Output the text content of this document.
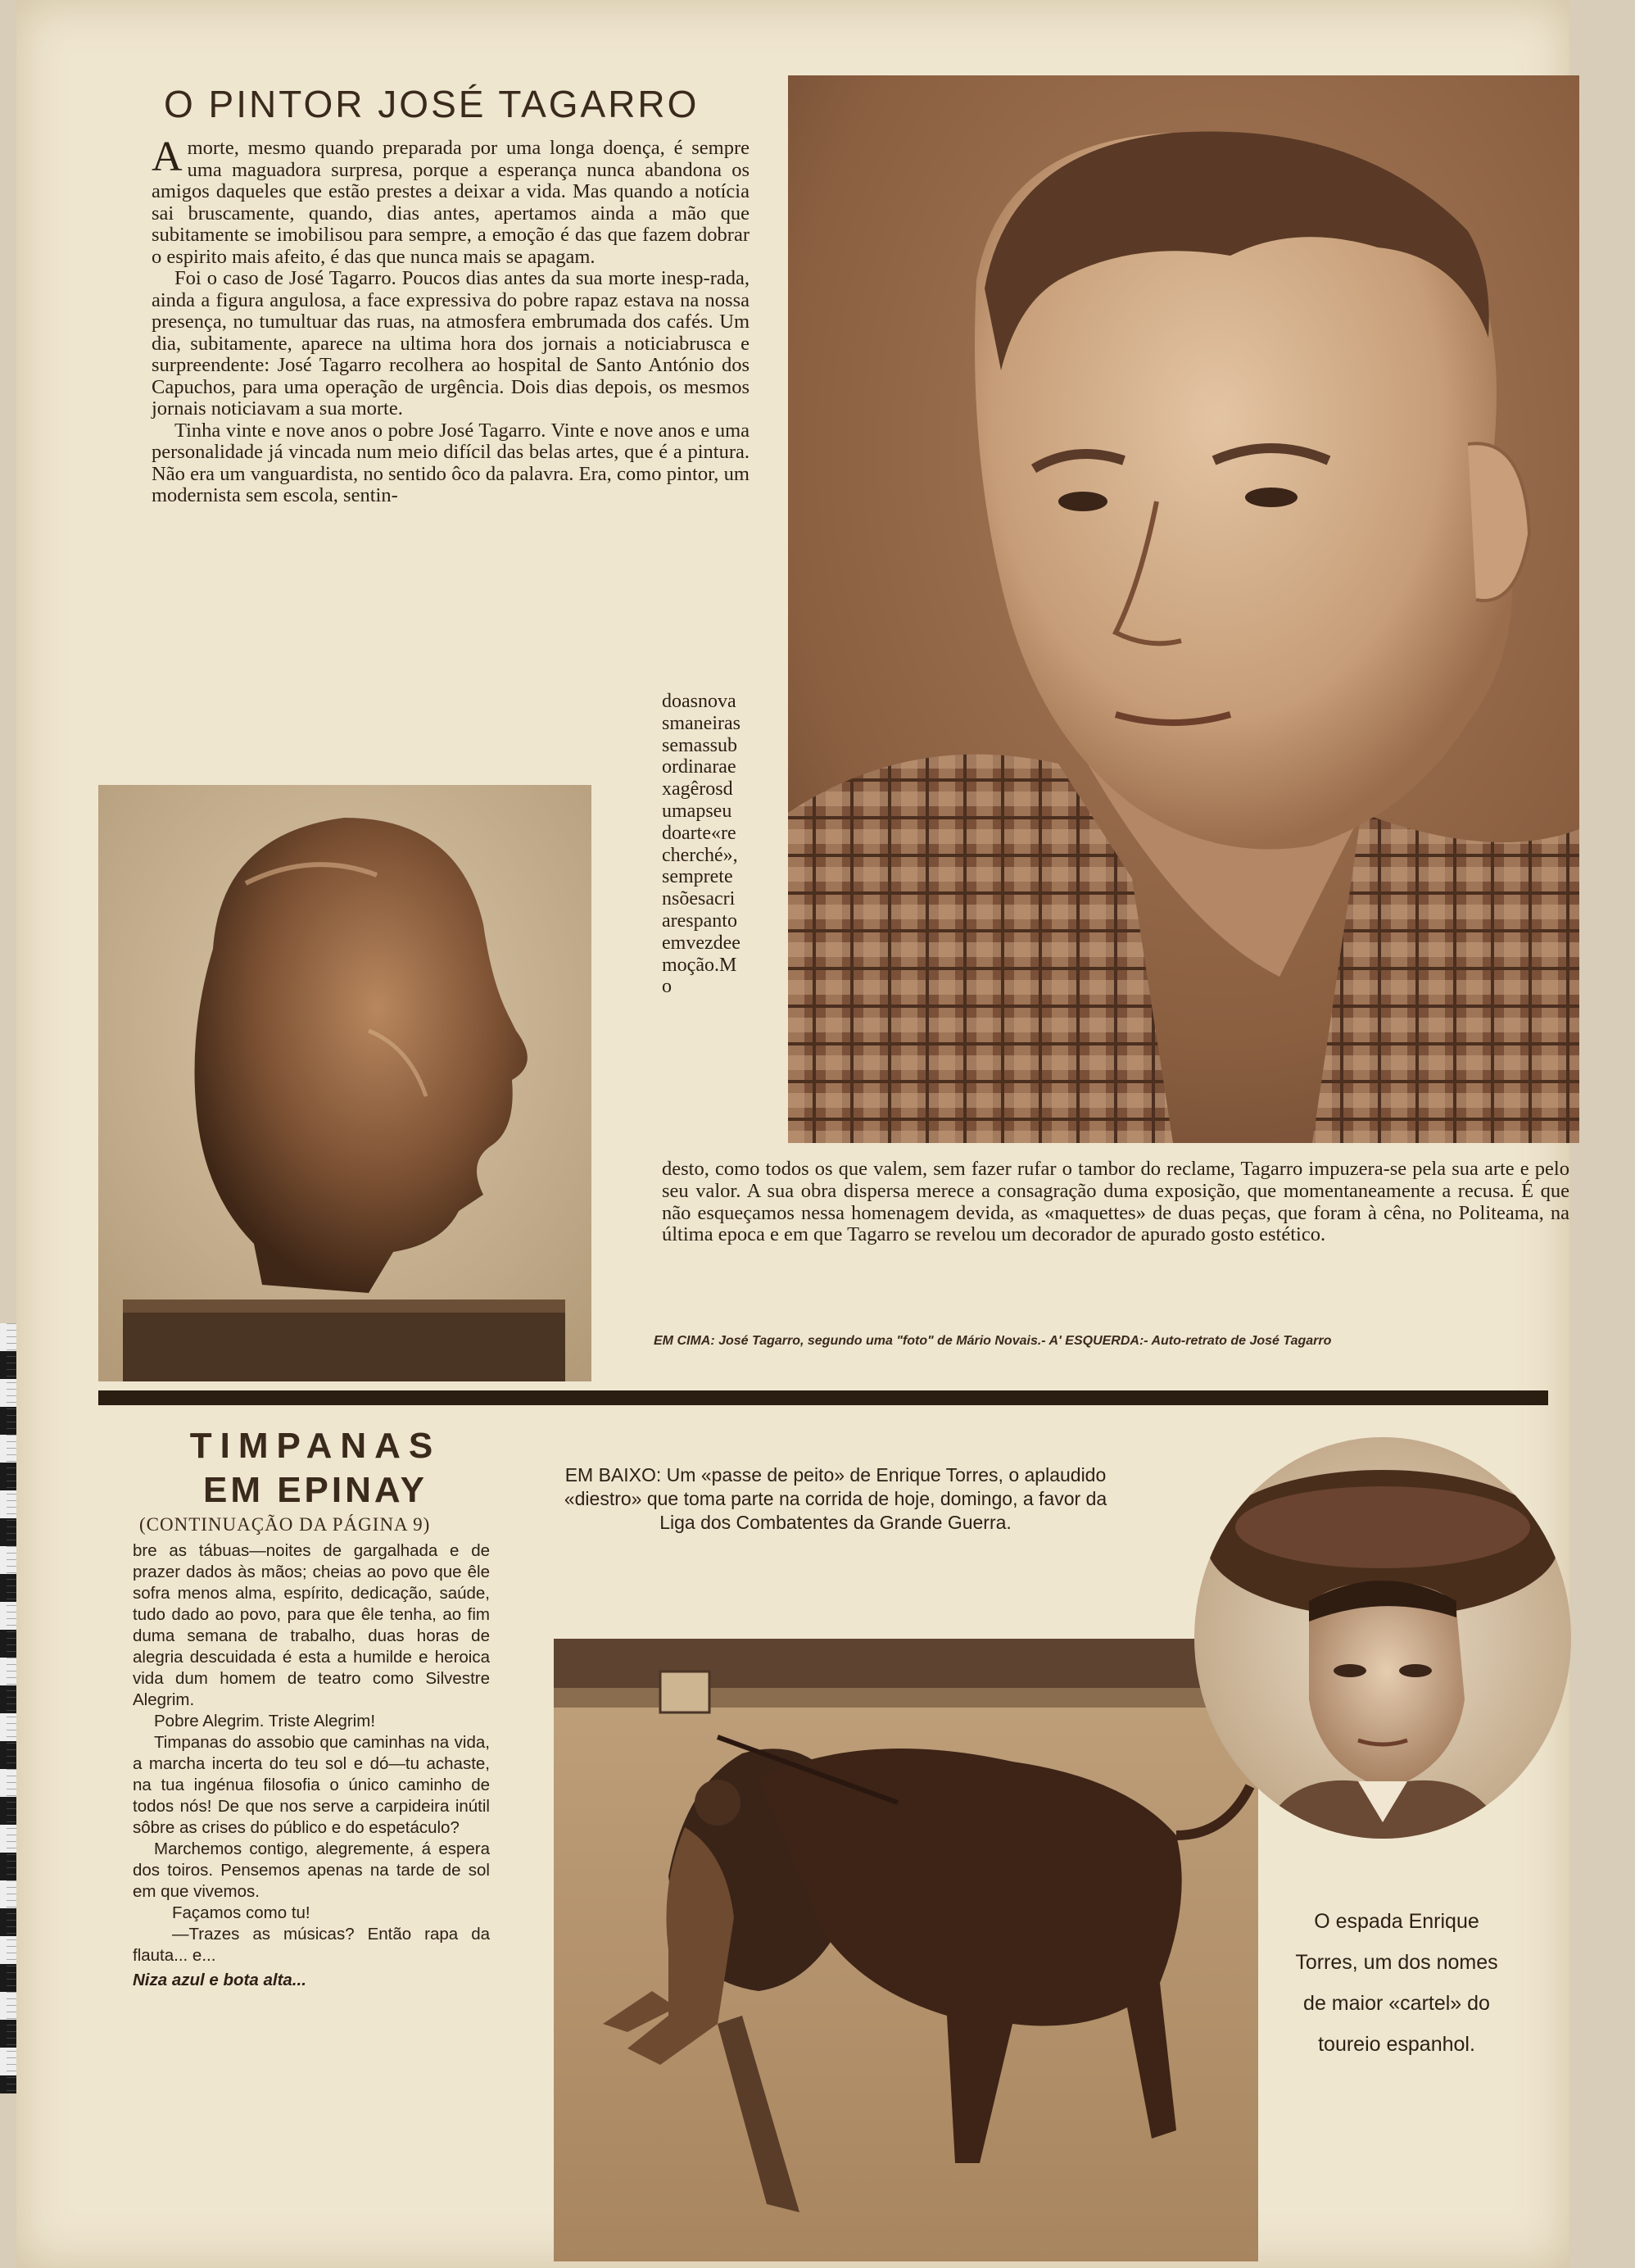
O PINTOR JOSÉ TAGARRO

Amorte, mesmo quando preparada por uma longa doença, é sempre uma maguadora surpresa, porque a esperança nunca abandona os amigos daqueles que estão prestes a deixar a vida. Mas quando a notícia sai bruscamente, quando, dias antes, apertamos ainda a mão que subitamente se imobilisou para sempre, a emoção é das que fazem dobrar o espirito mais afeito, é das que nunca mais se apagam.

Foi o caso de José Tagarro. Poucos dias antes da sua morte inesp-rada, ainda a figura angulosa, a face expressiva do pobre rapaz estava na nossa presença, no tumultuar das ruas, na atmosfera embrumada dos cafés. Um dia, subitamente, aparece na ultima hora dos jornais a noticiabrusca e surpreendente: José Tagarro recolhera ao hospital de Santo António dos Capuchos, para uma operação de urgência. Dois dias depois, os mesmos jornais noticiavam a sua morte.

Tinha vinte e nove anos o pobre José Tagarro. Vinte e nove anos e uma personalidade já vincada num meio difícil das belas artes, que é a pintura. Não era um vanguardista, no sentido ôco da palavra. Era, como pintor, um modernista sem escola, sentin-

doasnovasmaneirassemassubordinaraexagêrosdumapseudoarte«recherché»,sempretensõesacriarespantoemvezdeemoção.Mo
desto, como todos os que valem, sem fazer rufar o tambor do reclame, Tagarro impuzera-se pela sua arte e pelo seu valor. A sua obra dispersa merece a consagração duma exposição, que momentaneamente a recusa. É que não esqueçamos nessa homenagem devida, as «maquettes» de duas peças, que foram à cêna, no Politeama, na última epoca e em que Tagarro se revelou um decorador de apurado gosto estético.
EM CIMA: José Tagarro, segundo uma "foto" de Mário Novais.- A' ESQUERDA:- Auto-retrato de José Tagarro
TIMPANAS
EM EPINAY
(CONTINUAÇÃO DA PÁGINA 9)

bre as tábuas—noites de gargalhada e de prazer dados às mãos; cheias ao povo que êle sofra menos alma, espírito, dedicação, saúde, tudo dado ao povo, para que êle tenha, ao fim duma semana de trabalho, duas horas de alegria descuidada é esta a humilde e heroica vida dum homem de teatro como Silvestre Alegrim.

Pobre Alegrim. Triste Alegrim!

Timpanas do assobio que caminhas na vida, a marcha incerta do teu sol e dó—tu achaste, na tua ingénua filosofia o único caminho de todos nós! De que nos serve a carpideira inútil sôbre as crises do público e do espetáculo?

Marchemos contigo, alegremente, á espera dos toiros. Pensemos apenas na tarde de sol em que vivemos.

Façamos como tu!

—Trazes as músicas? Então rapa da flauta... e...

Niza azul e bota alta...

EM BAIXO: Um «passe de peito» de Enrique Torres, o aplaudido «diestro» que toma parte na corrida de hoje, domingo, a favor da Liga dos Combatentes da Grande Guerra.
O espada Enrique Torres, um dos nomes de maior «cartel» do toureio espanhol.
